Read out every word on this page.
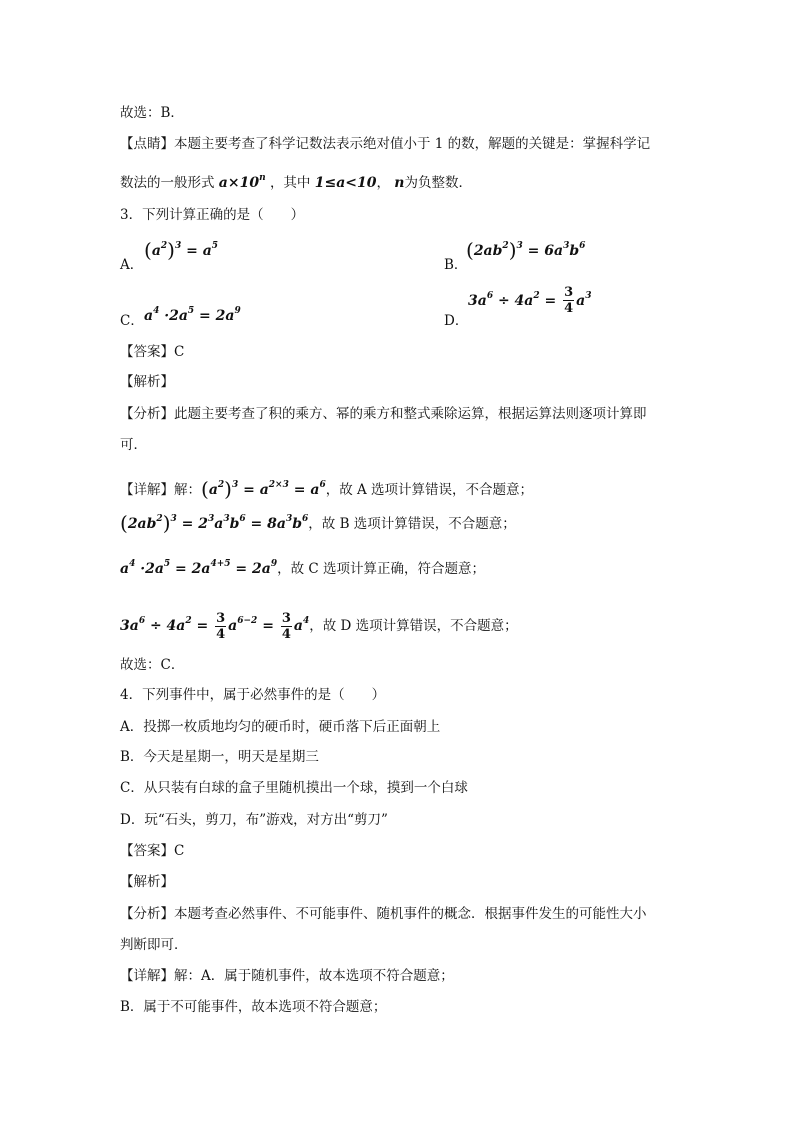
故选：B．
【点睛】本题主要考查了科学记数法表示绝对值小于 1 的数，解题的关键是：掌握科学记
数法的一般形式 $a\times 10^n$ ，其中 1≤a<10， n为负整数．
3．下列计算正确的是（　　）
A．
$(a^2)^3 = a^5$
B．
$(2ab^2)^3 = 6a^3b^6$
C． $a^4 \cdot 2a^5 = 2a^9$
D．
$3a^6 \div 4a^2 = \frac{3}{4} a^3$
【答案】C
【解析】
【分析】此题主要考查了积的乘方、幂的乘方和整式乘除运算，根据运算法则逐项计算即
可．
【详解】解：$(a^2)^3 = a^{2\times 3} = a^6$，故 A 选项计算错误，不合题意；
$(2ab^2)^3 = 2^3a^3b^6 = 8a^3b^6$，故 B 选项计算错误，不合题意；
$a^4 \cdot 2a^5 = 2a^{4+5} = 2a^9$，故 C 选项计算正确，符合题意；
$3a^6 \div 4a^2 = \frac{3}{4} a^{6-2} = \frac{3}{4} a^4$，故 D 选项计算错误，不合题意；
故选：C．
4．下列事件中，属于必然事件的是（　　）
A．投掷一枚质地均匀的硬币时，硬币落下后正面朝上
B．今天是星期一，明天是星期三
C．从只装有白球的盒子里随机摸出一个球，摸到一个白球
D．玩“石头，剪刀，布”游戏，对方出“剪刀”
【答案】C
【解析】
【分析】本题考查必然事件、不可能事件、随机事件的概念．根据事件发生的可能性大小
判断即可．
【详解】解：A．属于随机事件，故本选项不符合题意；
B．属于不可能事件，故本选项不符合题意；
